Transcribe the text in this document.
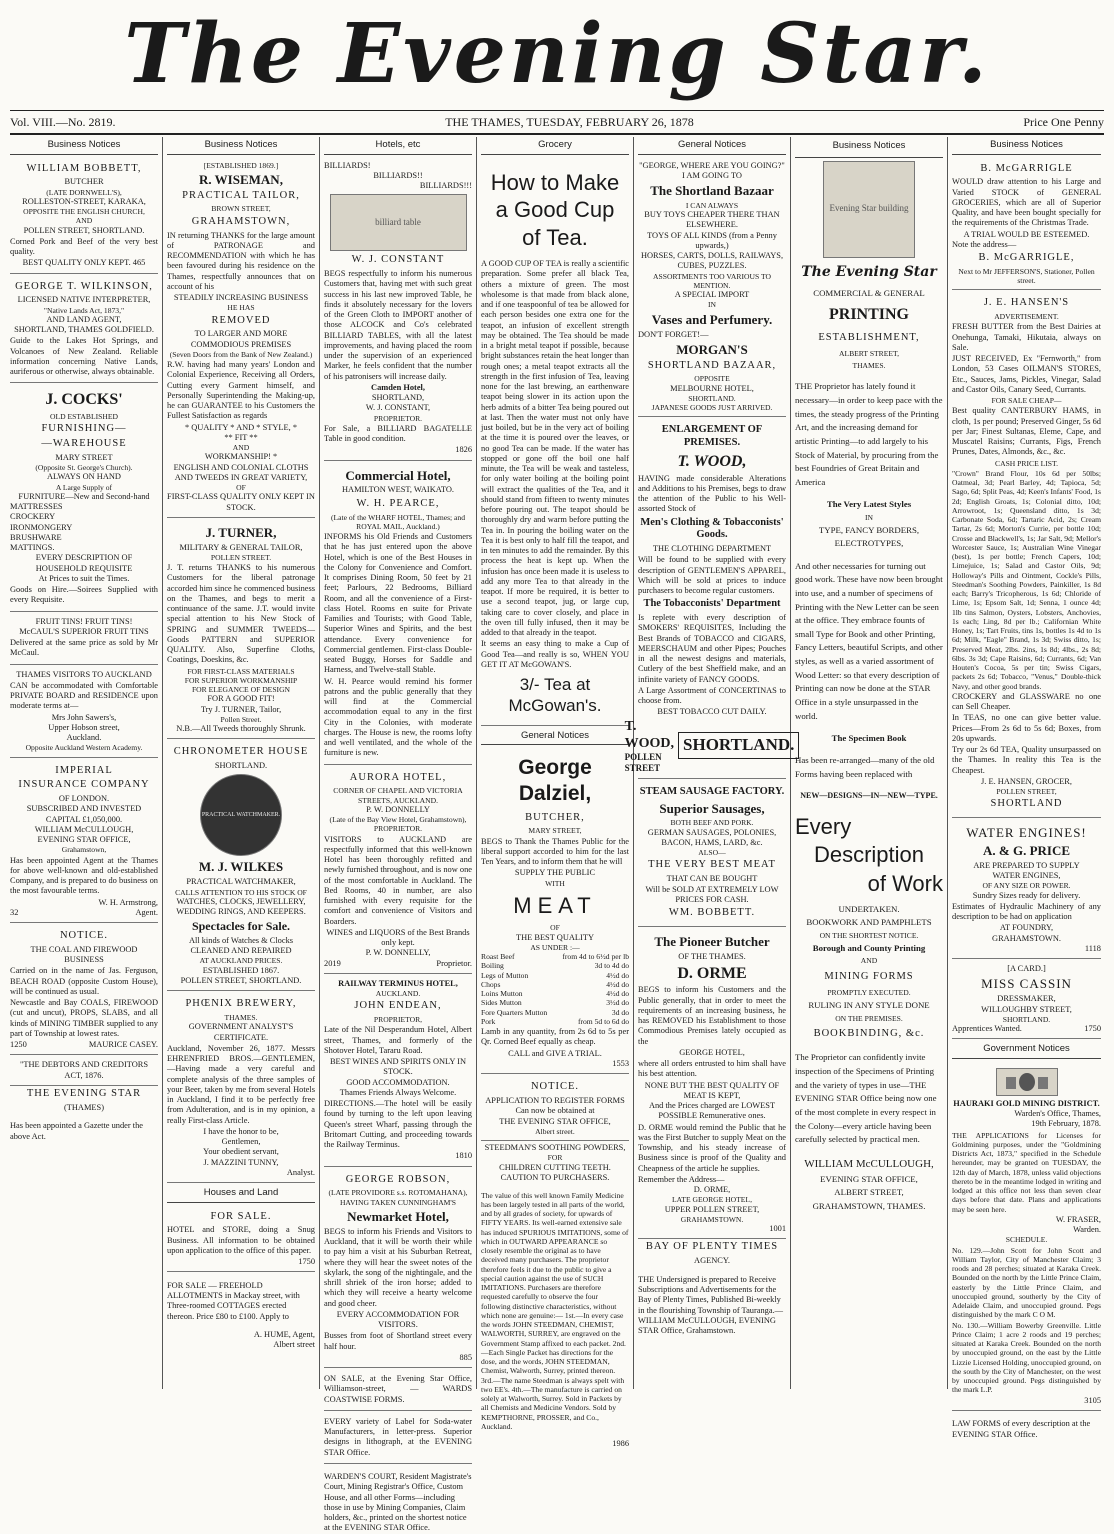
The Evening Star.
Vol. VIII.—No. 2819.	THE THAMES, TUESDAY, FEBRUARY 26, 1878	Price One Penny
Business Notices
WILLIAM BOBBETT,
BUTCHER
(LATE DORNWELL'S),
ROLLESTON-STREET, KARAKA,
OPPOSITE THE ENGLISH CHURCH,
AND
POLLEN STREET, SHORTLAND.

Corned Pork and Beef of the very best quality.

BEST QUALITY ONLY KEPT. 465
GEORGE T. WILKINSON,
LICENSED NATIVE INTERPRETER,
"Native Lands Act, 1873,"
AND LAND AGENT,
SHORTLAND, THAMES GOLDFIELD.

Guide to the Lakes Hot Springs, and Volcanoes of New Zealand. Reliable information concerning Native Lands, auriferous or otherwise, always obtainable.

J. COCKS'
OLD ESTABLISHED
FURNISHING—
—WAREHOUSE
MARY STREET
(Opposite St. George's Church).
ALWAYS ON HAND
A Large Supply of
FURNITURE—New and Second-hand
MATTRESSES
CROCKERY
IRONMONGERY
BRUSHWARE
MATTINGS.
EVERY DESCRIPTION OF HOUSEHOLD REQUISITE
At Prices to suit the Times.

Goods on Hire.—Soirees Supplied with every Requisite.

FRUIT TINS! FRUIT TINS!
McCAUL'S SUPERIOR FRUIT TINS

Delivered at the same price as sold by Mr McCaul.

THAMES VISITORS TO AUCKLAND

CAN be accommodated with Comfortable PRIVATE BOARD and RESIDENCE upon moderate terms at—

Mrs John Sawers's,
Upper Hobson street,
Auckland.
Opposite Auckland Western Academy.
IMPERIAL
INSURANCE COMPANY
OF LONDON.
SUBSCRIBED AND INVESTED
CAPITAL £1,050,000.
WILLIAM McCULLOUGH,
EVENING STAR OFFICE,
Grahamstown,

Has been appointed Agent at the Thames for above well-known and old-established Company, and is prepared to do business on the most favourable terms.

W. H. Armstrong,
32	Agent.
NOTICE.
THE COAL AND FIREWOOD BUSINESS

Carried on in the name of Jas. Ferguson, BEACH ROAD (opposite Custom House), will be continued as usual.

Newcastle and Bay COALS, FIREWOOD (cut and uncut), PROPS, SLABS, and all kinds of MINING TIMBER supplied to any part of Township at lowest rates.

1250	MAURICE CASEY.
"THE DEBTORS AND CREDITORS
ACT, 1876.
THE EVENING STAR
(THAMES)

Has been appointed a Gazette under the above Act.

Business Notices
[ESTABLISHED 1869.]
R. WISEMAN,
PRACTICAL TAILOR,
BROWN STREET,
GRAHAMSTOWN,

IN returning THANKS for the large amount of PATRONAGE and RECOMMENDATION with which he has been favoured during his residence on the Thames, respectfully announces that on account of his

STEADILY INCREASING BUSINESS
HE HAS
REMOVED
TO LARGER AND MORE COMMODIOUS PREMISES
(Seven Doors from the Bank of New Zealand.)

R.W. having had many years' London and Colonial Experience, Receiving all Orders, Cutting every Garment himself, and Personally Superintending the Making-up, he can GUARANTEE to his Customers the Fullest Satisfaction as regards

* QUALITY * AND * STYLE, *
** FIT **
AND
WORKMANSHIP! *
ENGLISH AND COLONIAL CLOTHS AND TWEEDS IN GREAT VARIETY,
OF
FIRST-CLASS QUALITY ONLY KEPT IN STOCK.
J. TURNER,
MILITARY & GENERAL TAILOR,
POLLEN STREET.

J. T. returns THANKS to his numerous Customers for the liberal patronage accorded him since he commenced business on the Thames, and begs to merit a continuance of the same. J.T. would invite special attention to his New Stock of SPRING and SUMMER TWEEDS—Goods PATTERN and SUPERIOR QUALITY. Also, Superfine Cloths, Coatings, Doeskins, &c.

FOR FIRST-CLASS MATERIALS
FOR SUPERIOR WORKMANSHIP
FOR ELEGANCE OF DESIGN
FOR A GOOD FIT!
Try J. TURNER, Tailor,
Pollen Street.
N.B.—All Tweeds thoroughly Shrunk.
CHRONOMETER HOUSE
SHORTLAND.
PRACTICAL WATCHMAKER.
M. J. WILKES
PRACTICAL WATCHMAKER,
CALLS ATTENTION TO HIS STOCK OF
WATCHES, CLOCKS, JEWELLERY, WEDDING RINGS, AND KEEPERS.
Spectacles for Sale.
All kinds of Watches & Clocks
CLEANED AND REPAIRED
AT AUCKLAND PRICES.
ESTABLISHED 1867.
POLLEN STREET, SHORTLAND.
PHŒNIX BREWERY,
THAMES.
GOVERNMENT ANALYST'S CERTIFICATE.

Auckland, November 26, 1877. Messrs EHRENFRIED BROS.—GENTLEMEN,—Having made a very careful and complete analysis of the three samples of your Beer, taken by me from several Hotels in Auckland, I find it to be perfectly free from Adulteration, and is in my opinion, a really First-class Article.

I have the honor to be,
Gentlemen,
Your obedient servant,
J. MAZZINI TUNNY,
Analyst.
Houses and Land
FOR SALE.

HOTEL and STORE, doing a Snug Business. All information to be obtained upon application to the office of this paper.

1750

FOR SALE — FREEHOLD ALLOTMENTS in Mackay street, with Three-roomed COTTAGES erected thereon. Price £80 to £100. Apply to

A. HUME, Agent,
Albert street
Hotels, etc
BILLIARDS!
BILLIARDS!!
BILLIARDS!!!
billiard table
W. J. CONSTANT

BEGS respectfully to inform his numerous Customers that, having met with such great success in his last new improved Table, he finds it absolutely necessary for the lovers of the Green Cloth to IMPORT another of those ALCOCK and Co's celebrated BILLIARD TABLES, with all the latest improvements, and having placed the room under the supervision of an experienced Marker, he feels confident that the number of his patronisers will increase daily.

Camden Hotel,
SHORTLAND,
W. J. CONSTANT,
PROPRIETOR.

For Sale, a BILLIARD BAGATELLE Table in good condition.

1826
Commercial Hotel,
HAMILTON WEST, WAIKATO.
W. H. PEARCE,
(Late of the WHARF HOTEL, Thames; and ROYAL MAIL, Auckland.)

INFORMS his Old Friends and Customers that he has just entered upon the above Hotel, which is one of the Best Houses in the Colony for Convenience and Comfort. It comprises Dining Room, 50 feet by 21 feet; Parlours, 22 Bedrooms, Billiard Room, and all the convenience of a First-class Hotel. Rooms en suite for Private Families and Tourists; with Good Table, Superior Wines and Spirits, and the best attendance. Every convenience for Commercial gentlemen. First-class Double-seated Buggy, Horses for Saddle and Harness, and Twelve-stall Stable.

W. H. Pearce would remind his former patrons and the public generally that they will find at the Commercial accommodation equal to any in the first City in the Colonies, with moderate charges. The House is new, the rooms lofty and well ventilated, and the whole of the furniture is new.

AURORA HOTEL,
CORNER OF CHAPEL AND VICTORIA STREETS, AUCKLAND.
P. W. DONNELLY
(Late of the Bay View Hotel, Grahamstown),
PROPRIETOR.

VISITORS to AUCKLAND are respectfully informed that this well-known Hotel has been thoroughly refitted and newly furnished throughout, and is now one of the most comfortable in Auckland. The Bed Rooms, 40 in number, are also furnished with every requisite for the comfort and convenience of Visitors and Boarders.

WINES and LIQUORS of the Best Brands only kept.
P. W. DONNELLY,
2019	Proprietor.
RAILWAY TERMINUS HOTEL,
AUCKLAND.
JOHN ENDEAN,
PROPRIETOR,

Late of the Nil Desperandum Hotel, Albert street, Thames, and formerly of the Shotover Hotel, Tararu Road.

BEST WINES AND SPIRITS ONLY IN STOCK.
GOOD ACCOMMODATION.
Thames Friends Always Welcome.

DIRECTIONS.—The hotel will be easily found by turning to the left upon leaving Queen's street Wharf, passing through the Britomart Cutting, and proceeding towards the Railway Terminus.

1810
GEORGE ROBSON,
(LATE PROVIDORE s.s. ROTOMAHANA),
HAVING TAKEN CUNNINGHAM'S
Newmarket Hotel,

BEGS to inform his Friends and Visitors to Auckland, that it will be worth their while to pay him a visit at his Suburban Retreat, where they will hear the sweet notes of the skylark, the song of the nightingale, and the shrill shriek of the iron horse; added to which they will receive a hearty welcome and good cheer.

EVERY ACCOMMODATION FOR VISITORS.

Busses from foot of Shortland street every half hour.

885

ON SALE, at the Evening Star Office, Williamson-street, — WARDS COASTWISE FORMS.

EVERY variety of Label for Soda-water Manufacturers, in letter-press. Superior designs in lithograph, at the EVENING STAR Office.

WARDEN'S COURT, Resident Magistrate's Court, Mining Registrar's Office, Custom House, and all other Forms—including those in use by Mining Companies, Claim holders, &c., printed on the shortest notice at the EVENING STAR Office.

Grocery
How to Make
a Good Cup
of Tea.

A GOOD CUP OF TEA is really a scientific preparation. Some prefer all black Tea, others a mixture of green. The most wholesome is that made from black alone, and if one teaspoonful of tea be allowed for each person besides one extra one for the teapot, an infusion of excellent strength may be obtained. The Tea should be made in a bright metal teapot if possible, because bright substances retain the heat longer than rough ones; a metal teapot extracts all the strength in the first infusion of Tea, leaving none for the last brewing, an earthenware teapot being slower in its action upon the herb admits of a bitter Tea being poured out at last. Then the water must not only have just boiled, but be in the very act of boiling at the time it is poured over the leaves, or no good Tea can be made. If the water has stopped or gone off the boil one half minute, the Tea will be weak and tasteless, for only water boiling at the boiling point will extract the qualities of the Tea, and it should stand from fifteen to twenty minutes before pouring out. The teapot should be thoroughly dry and warm before putting the Tea in. In pouring the boiling water on the Tea it is best only to half fill the teapot, and in ten minutes to add the remainder. By this process the heat is kept up. When the infusion has once been made it is useless to add any more Tea to that already in the teapot. If more be required, it is better to use a second teapot, jug, or large cup, taking care to cover closely, and place in the oven till fully infused, then it may be added to that already in the teapot.

It seems an easy thing to make a Cup of Good Tea—and really is so, WHEN YOU GET IT AT McGOWAN'S.

3/- Tea at McGowan's.
General Notices
George Dalziel,
BUTCHER,
MARY STREET,

BEGS to Thank the Thames Public for the liberal support accorded to him for the last Ten Years, and to inform them that he will

SUPPLY THE PUBLIC
WITH
MEAT
OF
THE BEST QUALITY
AS UNDER :—
Roast Beef	from 4d to 6½d per lb
Boiling	3d to 4d do
Legs of Mutton	4½d do
Chops	4½d do
Loins Mutton	4½d do
Sides Mutton	3½d do
Fore Quarters Mutton	3d do
Pork	from 5d to 6d do

Lamb in any quantity, from 2s 6d to 5s per Qr. Corned Beef equally as cheap.

CALL and GIVE A TRIAL.
1553
NOTICE.
APPLICATION TO REGISTER FORMS
Can now be obtained at
THE EVENING STAR OFFICE,
Albert street.
STEEDMAN'S SOOTHING POWDERS,
FOR
CHILDREN CUTTING TEETH.
CAUTION TO PURCHASERS.

The value of this well known Family Medicine has been largely tested in all parts of the world, and by all grades of society, for upwards of FIFTY YEARS. Its well-earned extensive sale has induced SPURIOUS IMITATIONS, some of which in OUTWARD APPEARANCE so closely resemble the original as to have deceived many purchasers. The proprietor therefore feels it due to the public to give a special caution against the use of SUCH IMITATIONS. Purchasers are therefore requested carefully to observe the four following distinctive characteristics, without which none are genuine:— 1st.—In every case the words JOHN STEEDMAN, CHEMIST, WALWORTH, SURREY, are engraved on the Government Stamp affixed to each packet. 2nd.—Each Single Packet has directions for the dose, and the words, JOHN STEEDMAN, Chemist, Walworth, Surrey, printed thereon. 3rd.—The name Steedman is always spelt with two EE's. 4th.—The manufacture is carried on solely at Walworth, Surrey. Sold in Packets by all Chemists and Medicine Vendors. Sold by KEMPTHORNE, PROSSER, and Co., Auckland.

1986
General Notices
"GEORGE, WHERE ARE YOU GOING?"
I AM GOING TO
The Shortland Bazaar
I CAN ALWAYS
BUY TOYS CHEAPER THERE THAN ELSEWHERE.
TOYS OF ALL KINDS (from a Penny upwards,)
HORSES, CARTS, DOLLS, RAILWAYS, CUBES, PUZZLES.
ASSORTMENTS TOO VARIOUS TO MENTION.
A SPECIAL IMPORT
IN
Vases and Perfumery.
DON'T FORGET!—
MORGAN'S
SHORTLAND BAZAAR,
OPPOSITE
MELBOURNE HOTEL,
SHORTLAND.
JAPANESE GOODS JUST ARRIVED.
ENLARGEMENT OF PREMISES.
T. WOOD,

HAVING made considerable Alterations and Additions to his Premises, begs to draw the attention of the Public to his Well-assorted Stock of

Men's Clothing & Tobacconists' Goods.
THE CLOTHING DEPARTMENT

Will be found to be supplied with every description of GENTLEMEN'S APPAREL, Which will be sold at prices to induce purchasers to become regular customers.

The Tobacconists' Department

Is replete with every description of SMOKERS' REQUISITES, Including the Best Brands of TOBACCO and CIGARS, MEERSCHAUM and other Pipes; Pouches in all the newest designs and materials, Cutlery of the best Sheffield make, and an infinite variety of FANCY GOODS.

A Large Assortment of CONCERTINAS to choose from.

BEST TOBACCO CUT DAILY.
T. WOOD,
POLLEN STREET
SHORTLAND.
STEAM SAUSAGE FACTORY.
Superior Sausages,
BOTH BEEF AND PORK.
GERMAN SAUSAGES, POLONIES,
BACON, HAMS, LARD, &c.
ALSO—
THE VERY BEST MEAT
THAT CAN BE BOUGHT
Will be SOLD AT EXTREMELY LOW PRICES FOR CASH.
WM. BOBBETT.
The Pioneer Butcher
OF THE THAMES.
D. ORME

BEGS to inform his Customers and the Public generally, that in order to meet the requirements of an increasing business, he has REMOVED his Establishment to those Commodious Premises lately occupied as the

GEORGE HOTEL,

where all orders entrusted to him shall have his best attention.

NONE BUT THE BEST QUALITY OF MEAT IS KEPT,
And the Prices charged are LOWEST POSSIBLE Remunerative ones.

D. ORME would remind the Public that he was the First Butcher to supply Meat on the Township, and his steady increase of Business since is proof of the Quality and Cheapness of the article he supplies.

Remember the Address—
D. ORME,
LATE GEORGE HOTEL,
UPPER POLLEN STREET,
GRAHAMSTOWN.
1001
BAY OF PLENTY TIMES
AGENCY.

THE Undersigned is prepared to Receive Subscriptions and Advertisements for the Bay of Plenty Times, Published Bi-weekly in the flourishing Township of Tauranga.— WILLIAM McCULLOUGH, EVENING STAR Office, Grahamstown.

Business Notices
Evening Star building
The Evening Star
COMMERCIAL & GENERAL
PRINTING
ESTABLISHMENT,
ALBERT STREET,
THAMES.

THE Proprietor has lately found it necessary—in order to keep pace with the times, the steady progress of the Printing Art, and the increasing demand for artistic Printing—to add largely to his Stock of Material, by procuring from the best Foundries of Great Britain and America

The Very Latest Styles
IN
TYPE, FANCY BORDERS,
ELECTROTYPES,

And other necessaries for turning out good work. These have now been brought into use, and a number of specimens of Printing with the New Letter can be seen at the office. They embrace founts of small Type for Book and other Printing, Fancy Letters, beautiful Scripts, and other styles, as well as a varied assortment of Wood Letter: so that every description of Printing can now be done at the STAR Office in a style unsurpassed in the world.

The Specimen Book

Has been re-arranged—many of the old Forms having been replaced with

NEW—DESIGNS—IN—NEW—TYPE.
Every
Description
of Work
UNDERTAKEN.
BOOKWORK AND PAMPHLETS
ON THE SHORTEST NOTICE.
Borough and County Printing
AND
MINING FORMS
PROMPTLY EXECUTED.
RULING IN ANY STYLE DONE
ON THE PREMISES.
BOOKBINDING, &c.

The Proprietor can confidently invite inspection of the Specimens of Printing and the variety of types in use—THE EVENING STAR Office being now one of the most complete in every respect in the Colony—every article having been carefully selected by practical men.

WILLIAM McCULLOUGH,
EVENING STAR OFFICE,
ALBERT STREET,
GRAHAMSTOWN, THAMES.
Business Notices
B. McGARRIGLE

WOULD draw attention to his Large and Varied STOCK of GENERAL GROCERIES, which are all of Superior Quality, and have been bought specially for the requirements of the Christmas Trade.

A TRIAL WOULD BE ESTEEMED.
Note the address—
B. McGARRIGLE,
Next to Mr JEFFERSON'S, Stationer, Pollen street.
J. E. HANSEN'S
ADVERTISEMENT.

FRESH BUTTER from the Best Dairies at Onehunga, Tamaki, Hikutaia, always on Sale.

JUST RECEIVED, Ex "Fernworth," from London, 53 Cases OILMAN'S STORES, Etc., Sauces, Jams, Pickles, Vinegar, Salad and Castor Oils, Canary Seed, Currants.

FOR SALE CHEAP—

Best quality CANTERBURY HAMS, in cloth, 1s per pound; Preserved Ginger, 5s 6d per Jar; Finest Sultanas, Eleme, Cape, and Muscatel Raisins; Currants, Figs, French Prunes, Dates, Almonds, &c., &c.

CASH PRICE LIST.

"Crown" Brand Flour, 10s 6d per 50lbs; Oatmeal, 3d; Pearl Barley, 4d; Tapioca, 5d; Sago, 6d; Split Peas, 4d; Keen's Infants' Food, 1s 2d; English Groats, 1s; Colonial ditto, 10d; Arrowroot, 1s; Queensland ditto, 1s 3d; Carbonate Soda, 6d; Tartaric Acid, 2s; Cream Tartar, 2s 6d; Morton's Currie, per bottle 10d; Crosse and Blackwell's, 1s; Jar Salt, 9d; Mellor's Worcester Sauce, 1s; Australian Wine Vinegar (best), 1s per bottle; French Capers, 10d; Limejuice, 1s; Salad and Castor Oils, 9d; Holloway's Pills and Ointment, Cockle's Pills, Steedman's Soothing Powders, Painkiller, 1s 8d each; Barry's Tricopherous, 1s 6d; Chloride of Lime, 1s; Epsom Salt, 1d; Senna, 1 ounce 4d; 1lb tins Salmon, Oysters, Lobsters, Anchovies, 1s each; Ling, 8d per lb.; Californian White Honey, 1s; Tart Fruits, tins 1s, bottles 1s 4d to 1s 6d; Milk, "Eagle" Brand, 1s 3d; Swiss ditto, 1s; Preserved Meat, 2lbs. 2ins, 1s 8d; 4lbs., 2s 8d; 6lbs. 3s 3d; Cape Raisins, 6d; Currants, 6d; Van Houten's Cocoa, 5s per tin; Swiss Cigars, packets 2s 6d; Tobacco, "Venus," Double-thick Navy, and other good brands.

CROCKERY and GLASSWARE no one can Sell Cheaper.

In TEAS, no one can give better value. Prices—From 2s 6d to 5s 6d; Boxes, from 20s upwards.

Try our 2s 6d TEA, Quality unsurpassed on the Thames. In reality this Tea is the Cheapest.

J. E. HANSEN, GROCER,
POLLEN STREET,
SHORTLAND
WATER ENGINES!
A. & G. PRICE
ARE PREPARED TO SUPPLY
WATER ENGINES,
OF ANY SIZE OR POWER.
Sundry Sizes ready for delivery.

Estimates of Hydraulic Machinery of any description to be had on application

AT FOUNDRY,
GRAHAMSTOWN.
1118
[A CARD.]
MISS CASSIN
DRESSMAKER,
WILLOUGHBY STREET,
SHORTLAND.
Apprentices Wanted.	1750
Government Notices
HAURAKI GOLD MINING DISTRICT.
Warden's Office, Thames,
19th February, 1878.

THE APPLICATIONS for Licenses for Goldmining purposes, under the "Goldmining Districts Act, 1873," specified in the Schedule hereunder, may be granted on TUESDAY, the 12th day of March, 1878, unless valid objections thereto be in the meantime lodged in writing and lodged at this office not less than seven clear days before that date. Plans and applications may be seen here.

W. FRASER,
Warden.
SCHEDULE.

No. 129.—John Scott for John Scott and William Taylor, City of Manchester Claim; 3 roods and 28 perches; situated at Karaka Creek. Bounded on the north by the Little Prince Claim, easterly by the Little Prince Claim, and unoccupied ground, southerly by the City of Adelaide Claim, and unoccupied ground. Pegs distinguished by the mark C O M.

No. 130.—William Bowerby Greenville. Little Prince Claim; 1 acre 2 roods and 19 perches; situated at Karaka Creek. Bounded on the north by unoccupied ground, on the east by the Little Lizzie Licensed Holding, unoccupied ground, on the south by the City of Manchester, on the west by unoccupied ground. Pegs distinguished by the mark L.P.

3105

LAW FORMS of every description at the EVENING STAR Office.
